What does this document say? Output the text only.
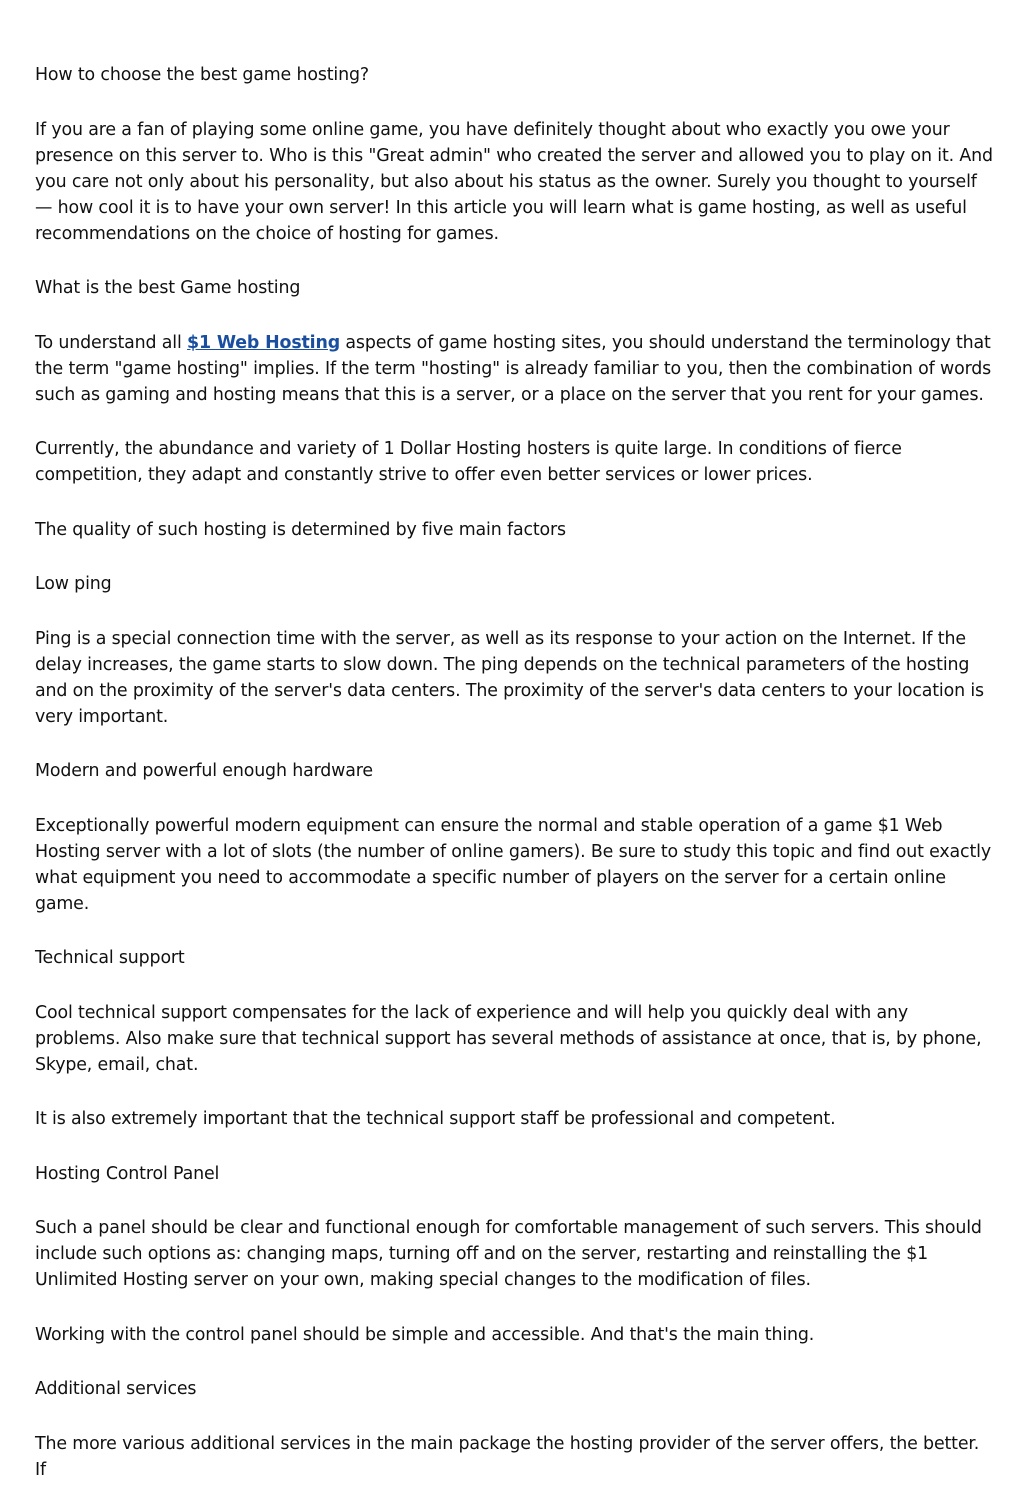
How to choose the best game hosting?

If you are a fan of playing some online game, you have definitely thought about who exactly you owe your presence on this server to. Who is this "Great admin" who created the server and allowed you to play on it. And you care not only about his personality, but also about his status as the owner. Surely you thought to yourself — how cool it is to have your own server! In this article you will learn what is game hosting, as well as useful recommendations on the choice of hosting for games.

What is the best Game hosting

To understand all $1 Web Hosting aspects of game hosting sites, you should understand the terminology that the term "game hosting" implies. If the term "hosting" is already familiar to you, then the combination of words such as gaming and hosting means that this is a server, or a place on the server that you rent for your games.

Currently, the abundance and variety of 1 Dollar Hosting hosters is quite large. In conditions of fierce competition, they adapt and constantly strive to offer even better services or lower prices.

The quality of such hosting is determined by five main factors

Low ping

Ping is a special connection time with the server, as well as its response to your action on the Internet. If the delay increases, the game starts to slow down. The ping depends on the technical parameters of the hosting and on the proximity of the server's data centers. The proximity of the server's data centers to your location is very important.

Modern and powerful enough hardware

Exceptionally powerful modern equipment can ensure the normal and stable operation of a game $1 Web Hosting server with a lot of slots (the number of online gamers). Be sure to study this topic and find out exactly what equipment you need to accommodate a specific number of players on the server for a certain online game.

Technical support

Cool technical support compensates for the lack of experience and will help you quickly deal with any problems. Also make sure that technical support has several methods of assistance at once, that is, by phone, Skype, email, chat.

It is also extremely important that the technical support staff be professional and competent.

Hosting Control Panel

Such a panel should be clear and functional enough for comfortable management of such servers. This should include such options as: changing maps, turning off and on the server, restarting and reinstalling the $1 Unlimited Hosting server on your own, making special changes to the modification of files.

Working with the control panel should be simple and accessible. And that's the main thing.

Additional services

The more various additional services in the main package the hosting provider of the server offers, the better. If
